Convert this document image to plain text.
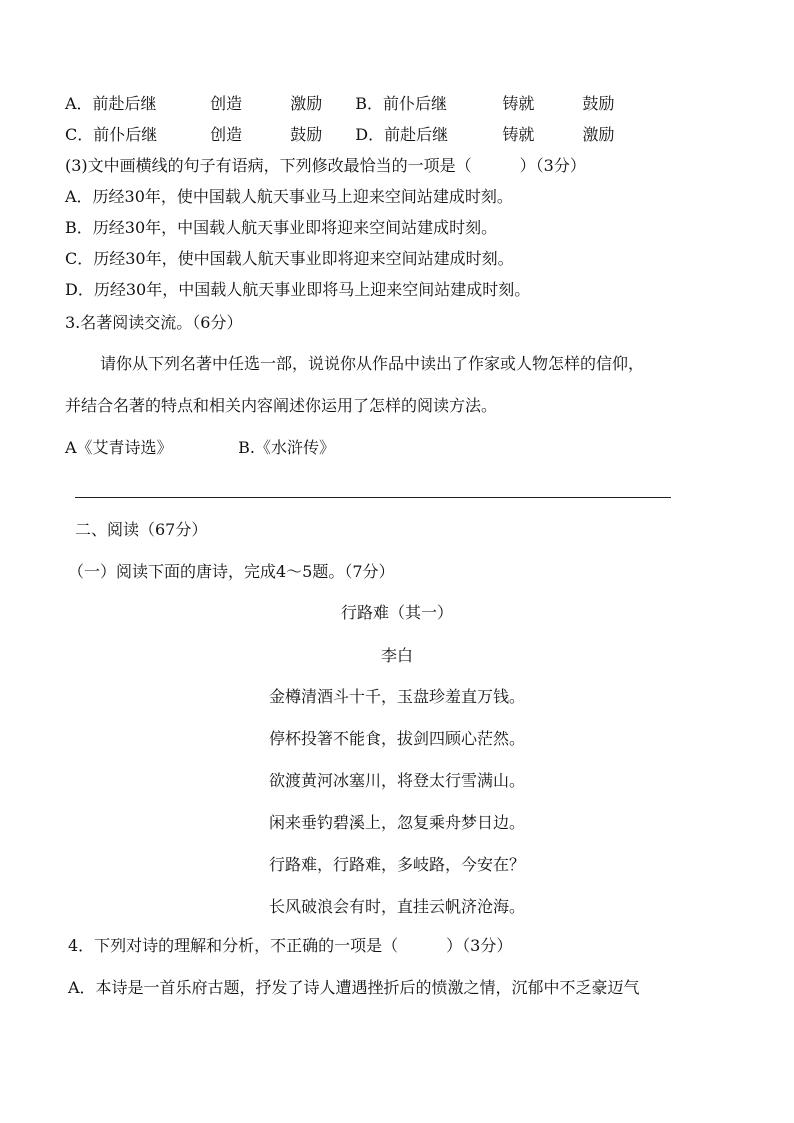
A．前赴后继	创造	激励 B．前仆后继	铸就	鼓励
C．前仆后继	创造	鼓励 D．前赴后继	铸就	激励
(3)文中画横线的句子有语病，下列修改最恰当的一项是（　　　）（3分）
A．历经30年，使中国载人航天事业马上迎来空间站建成时刻。
B．历经30年，中国载人航天事业即将迎来空间站建成时刻。
C．历经30年，使中国载人航天事业即将迎来空间站建成时刻。
D．历经30年，中国载人航天事业即将马上迎来空间站建成时刻。
3.名著阅读交流。（6分）
请你从下列名著中任选一部，说说你从作品中读出了作家或人物怎样的信仰，
并结合名著的特点和相关内容阐述你运用了怎样的阅读方法。
A《艾青诗选》	B.《水浒传》
二、阅读（67分）
（一）阅读下面的唐诗，完成4～5题。（7分）
行路难（其一）
李白
金樽清酒斗十千，玉盘珍羞直万钱。
停杯投箸不能食，拔剑四顾心茫然。
欲渡黄河冰塞川，将登太行雪满山。
闲来垂钓碧溪上，忽复乘舟梦日边。
行路难，行路难，多岐路，今安在？
长风破浪会有时，直挂云帆济沧海。
4．下列对诗的理解和分析，不正确的一项是（　　　）（3分）
A．本诗是一首乐府古题，抒发了诗人遭遇挫折后的愤激之情，沉郁中不乏豪迈气
